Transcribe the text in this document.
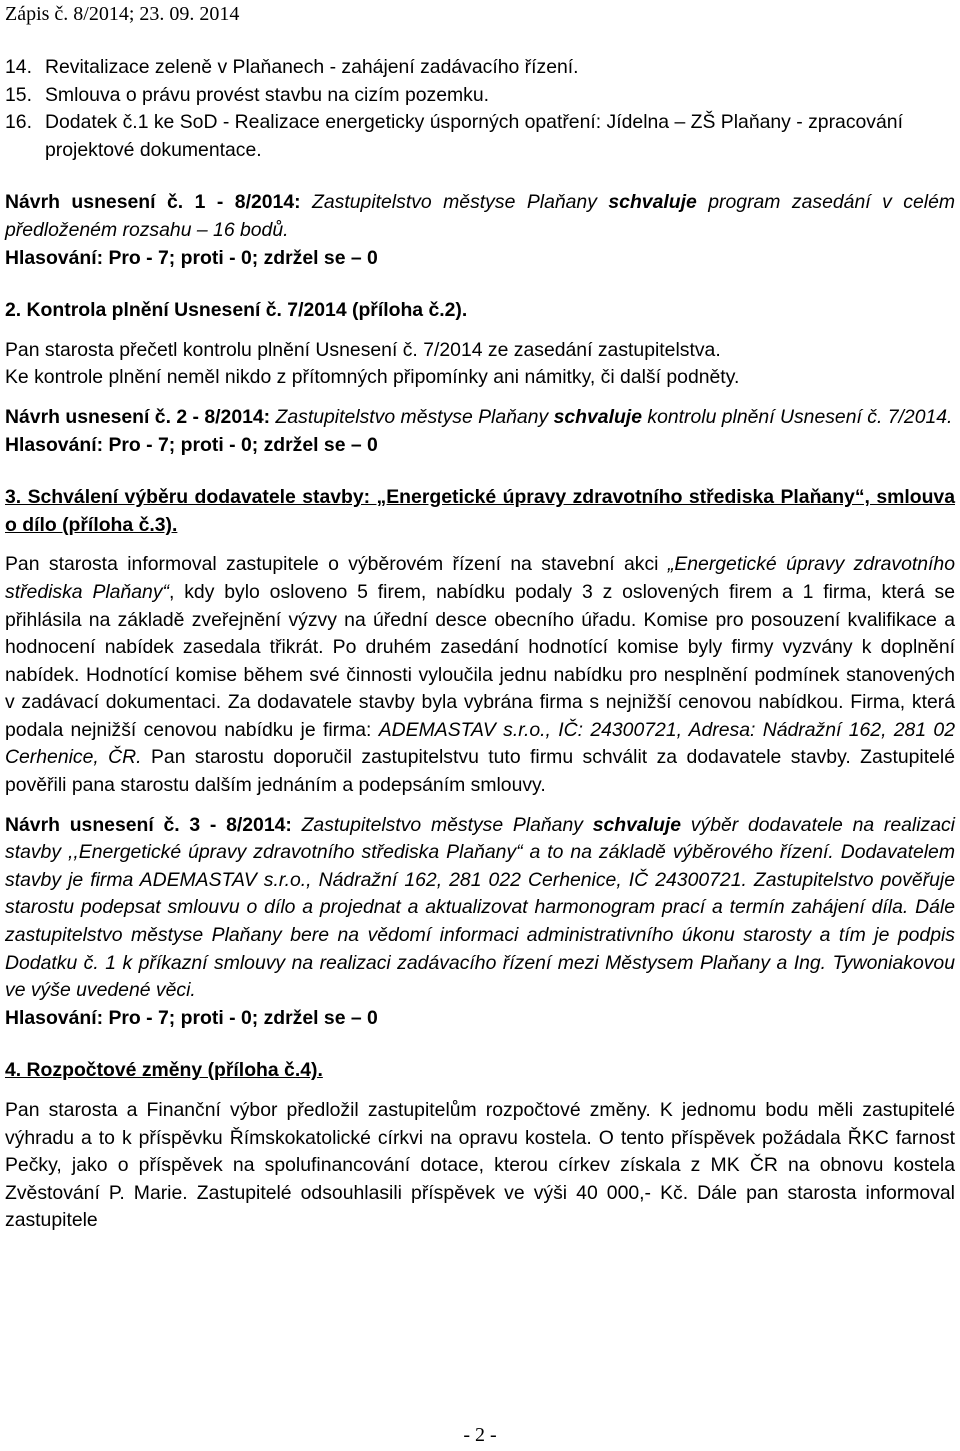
Zápis č. 8/2014; 23. 09. 2014
14. Revitalizace zeleně v Plaňanech - zahájení zadávacího řízení.
15. Smlouva o právu provést stavbu na cizím pozemku.
16. Dodatek č.1 ke SoD - Realizace energeticky úsporných opatření: Jídelna – ZŠ Plaňany - zpracování projektové dokumentace.

Návrh usnesení č. 1 - 8/2014: Zastupitelstvo městyse Plaňany schvaluje program zasedání v celém předloženém rozsahu – 16 bodů.

Hlasování: Pro - 7; proti - 0; zdržel se – 0

2. Kontrola plnění Usnesení č. 7/2014 (příloha č.2).

Pan starosta přečetl kontrolu plnění Usnesení č. 7/2014 ze zasedání zastupitelstva.

Ke kontrole plnění neměl nikdo z přítomných připomínky ani námitky, či další podněty.

Návrh usnesení č. 2 - 8/2014: Zastupitelstvo městyse Plaňany schvaluje kontrolu plnění Usnesení č. 7/2014.

Hlasování: Pro - 7; proti - 0; zdržel se – 0

3. Schválení výběru dodavatele stavby: „Energetické úpravy zdravotního střediska Plaňany“, smlouva o dílo (příloha č.3).

Pan starosta informoval zastupitele o výběrovém řízení na stavební akci „Energetické úpravy zdravotního střediska Plaňany“, kdy bylo osloveno 5 firem, nabídku podaly 3 z oslovených firem a 1 firma, která se přihlásila na základě zveřejnění výzvy na úřední desce obecního úřadu. Komise pro posouzení kvalifikace a hodnocení nabídek zasedala třikrát. Po druhém zasedání hodnotící komise byly firmy vyzvány k doplnění nabídek. Hodnotící komise během své činnosti vyloučila jednu nabídku pro nesplnění podmínek stanovených v zadávací dokumentaci. Za dodavatele stavby byla vybrána firma s nejnižší cenovou nabídkou. Firma, která podala nejnižší cenovou nabídku je firma: ADEMASTAV s.r.o., IČ: 24300721, Adresa: Nádražní 162, 281 02 Cerhenice, ČR. Pan starostu doporučil zastupitelstvu tuto firmu schválit za dodavatele stavby. Zastupitelé pověřili pana starostu dalším jednáním a podepsáním smlouvy.

Návrh usnesení č. 3 - 8/2014: Zastupitelstvo městyse Plaňany schvaluje výběr dodavatele na realizaci stavby ,,Energetické úpravy zdravotního střediska Plaňany“ a to na základě výběrového řízení. Dodavatelem stavby je firma ADEMASTAV s.r.o., Nádražní 162, 281 022 Cerhenice, IČ 24300721. Zastupitelstvo pověřuje starostu podepsat smlouvu o dílo a projednat a aktualizovat harmonogram prací a termín zahájení díla. Dále zastupitelstvo městyse Plaňany bere na vědomí informaci administrativního úkonu starosty a tím je podpis Dodatku č. 1 k příkazní smlouvy na realizaci zadávacího řízení mezi Městysem Plaňany a Ing. Tywoniakovou ve výše uvedené věci.

Hlasování: Pro - 7; proti - 0; zdržel se – 0

4. Rozpočtové změny (příloha č.4).

Pan starosta a Finanční výbor předložil zastupitelům rozpočtové změny. K jednomu bodu měli zastupitelé výhradu a to k příspěvku Římskokatolické církvi na opravu kostela. O tento příspěvek požádala ŘKC farnost Pečky, jako o příspěvek na spolufinancování dotace, kterou církev získala z MK ČR na obnovu kostela Zvěstování P. Marie. Zastupitelé odsouhlasili příspěvek ve výši 40 000,- Kč. Dále pan starosta informoval zastupitele

- 2 -
